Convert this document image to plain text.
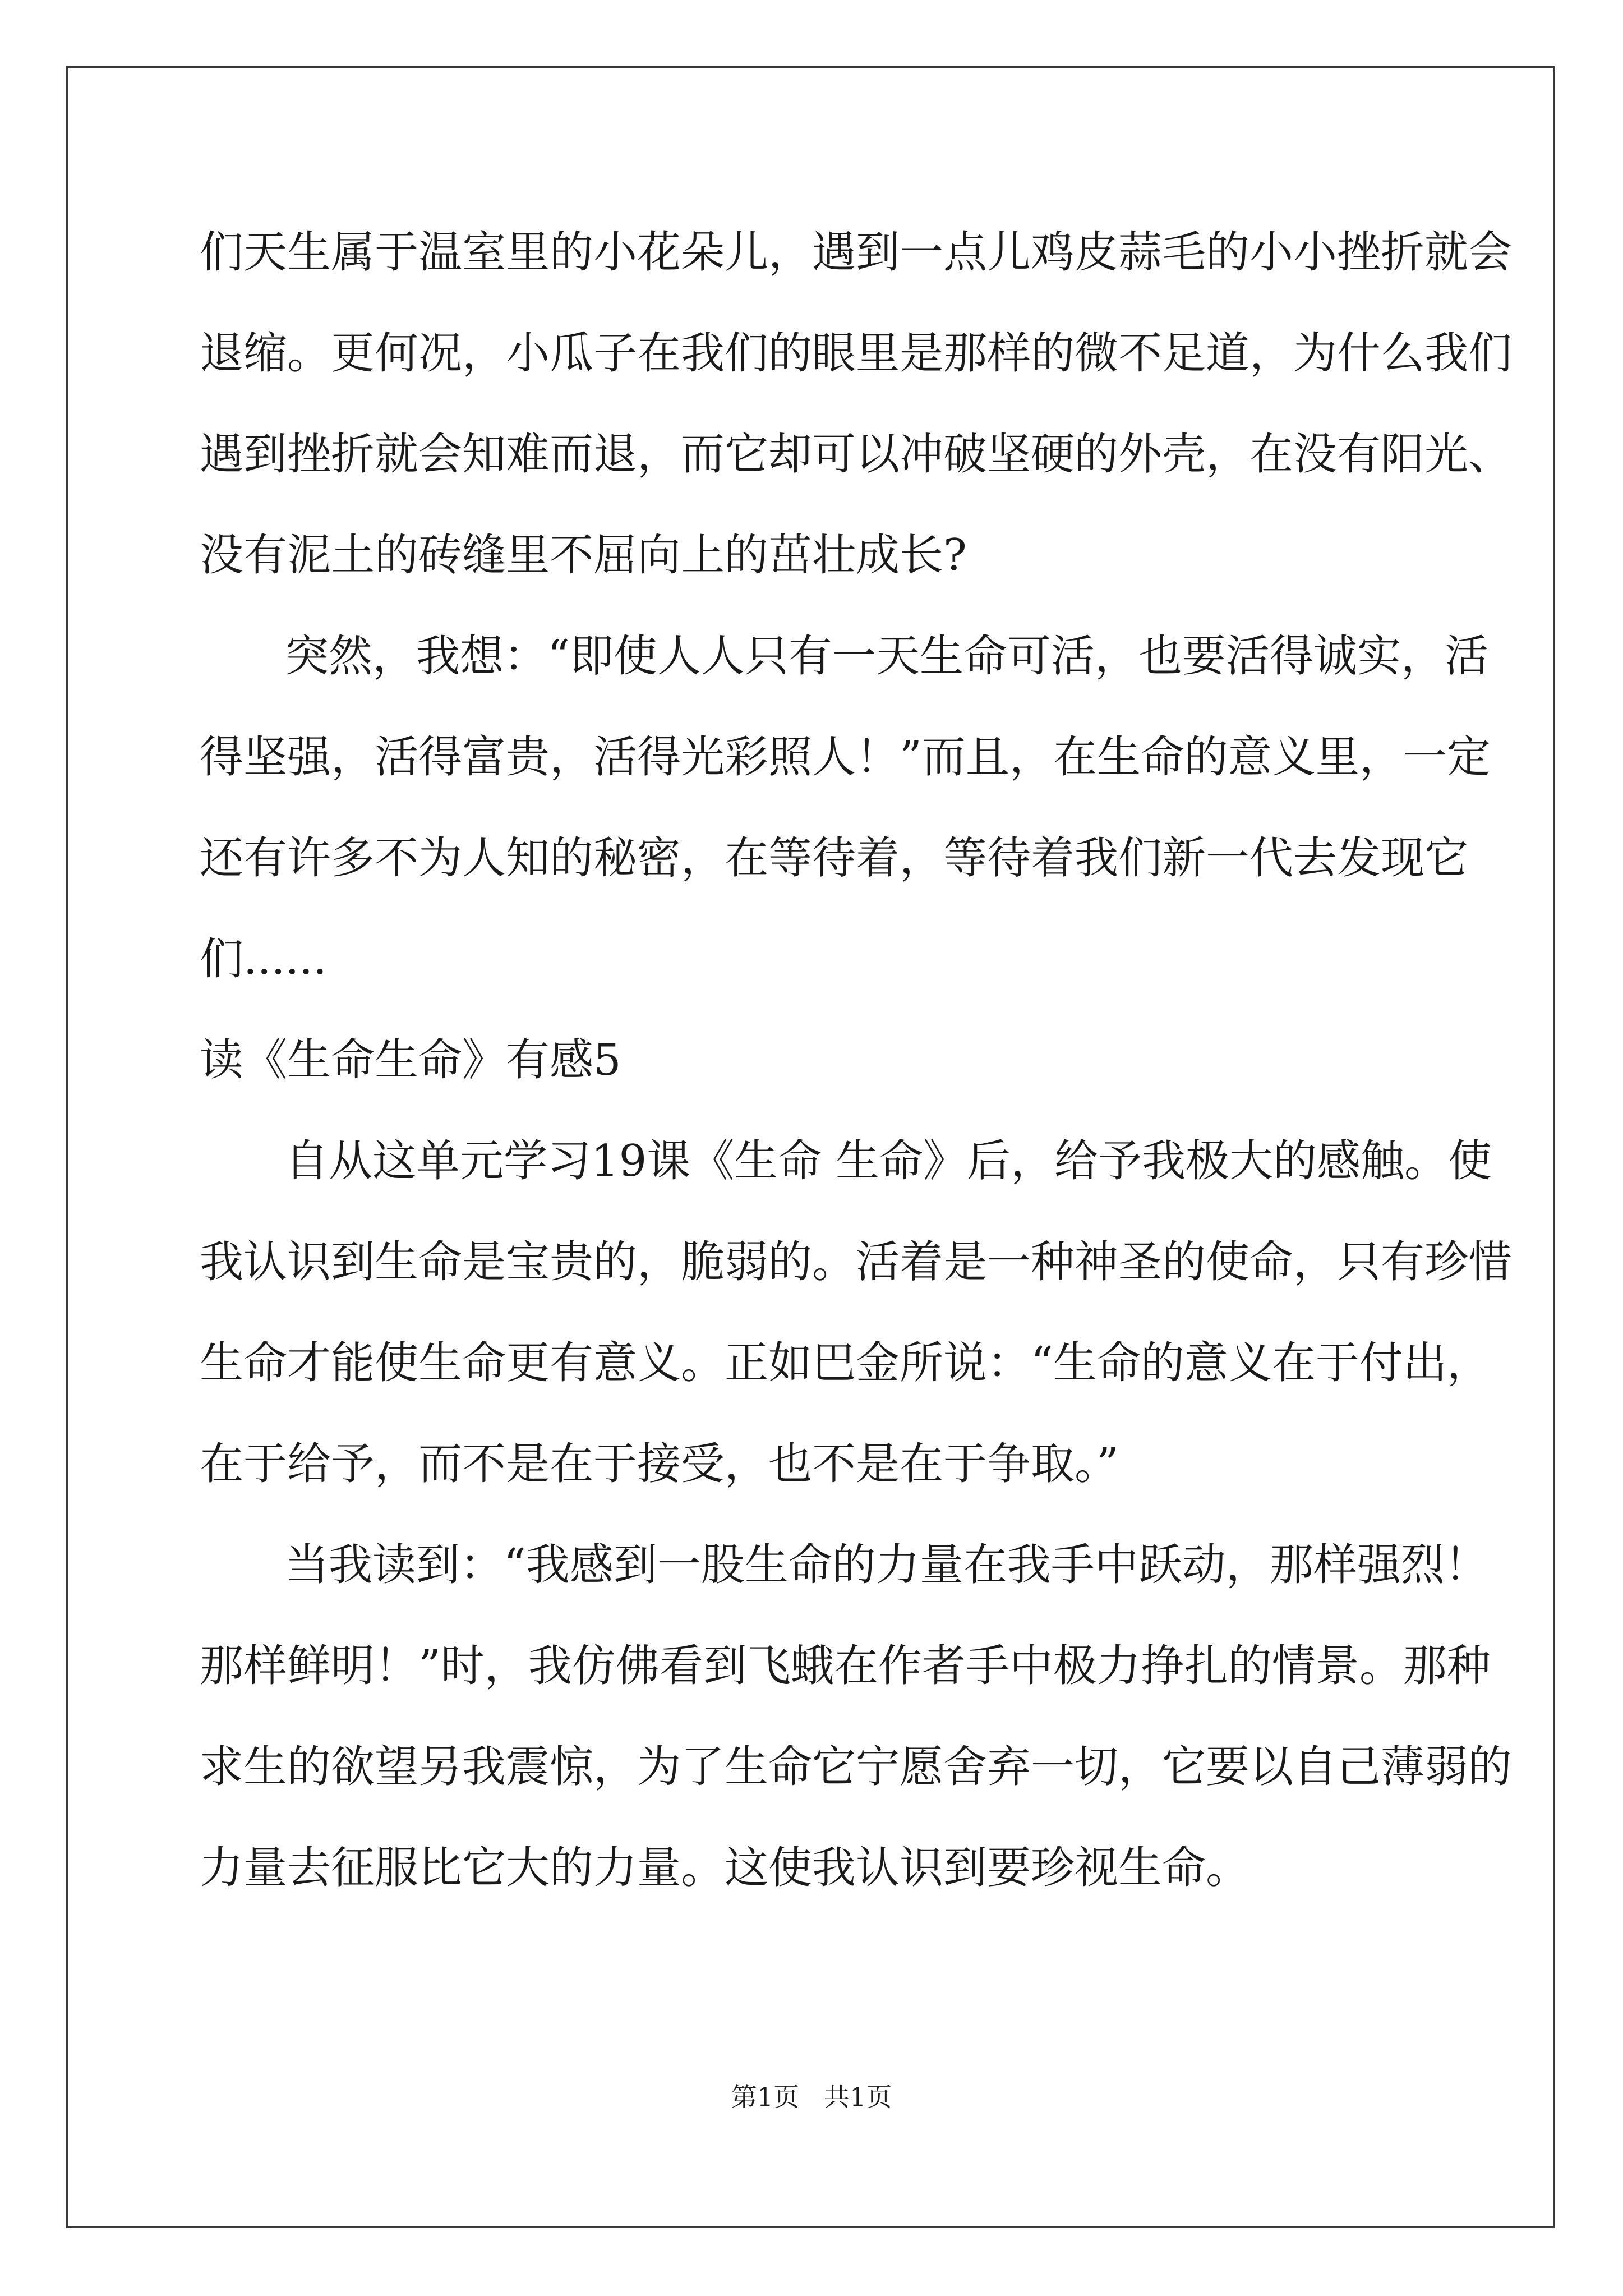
们天生属于温室里的小花朵儿，遇到一点儿鸡皮蒜毛的小小挫折就会
退缩。更何况，小瓜子在我们的眼里是那样的微不足道，为什么我们
遇到挫折就会知难而退，而它却可以冲破坚硬的外壳，在没有阳光、
没有泥土的砖缝里不屈向上的茁壮成长?
突然，我想：“即使人人只有一天生命可活，也要活得诚实，活
得坚强，活得富贵，活得光彩照人！”而且，在生命的意义里，一定
还有许多不为人知的秘密，在等待着，等待着我们新一代去发现它
们......
读《生命生命》有感5
自从这单元学习19课《生命 生命》后，给予我极大的感触。使
我认识到生命是宝贵的，脆弱的。活着是一种神圣的使命，只有珍惜
生命才能使生命更有意义。正如巴金所说：“生命的意义在于付出，
在于给予，而不是在于接受，也不是在于争取。”
当我读到：“我感到一股生命的力量在我手中跃动，那样强烈！
那样鲜明！”时，我仿佛看到飞蛾在作者手中极力挣扎的情景。那种
求生的欲望另我震惊，为了生命它宁愿舍弃一切，它要以自己薄弱的
力量去征服比它大的力量。这使我认识到要珍视生命。
第1页 共1页
